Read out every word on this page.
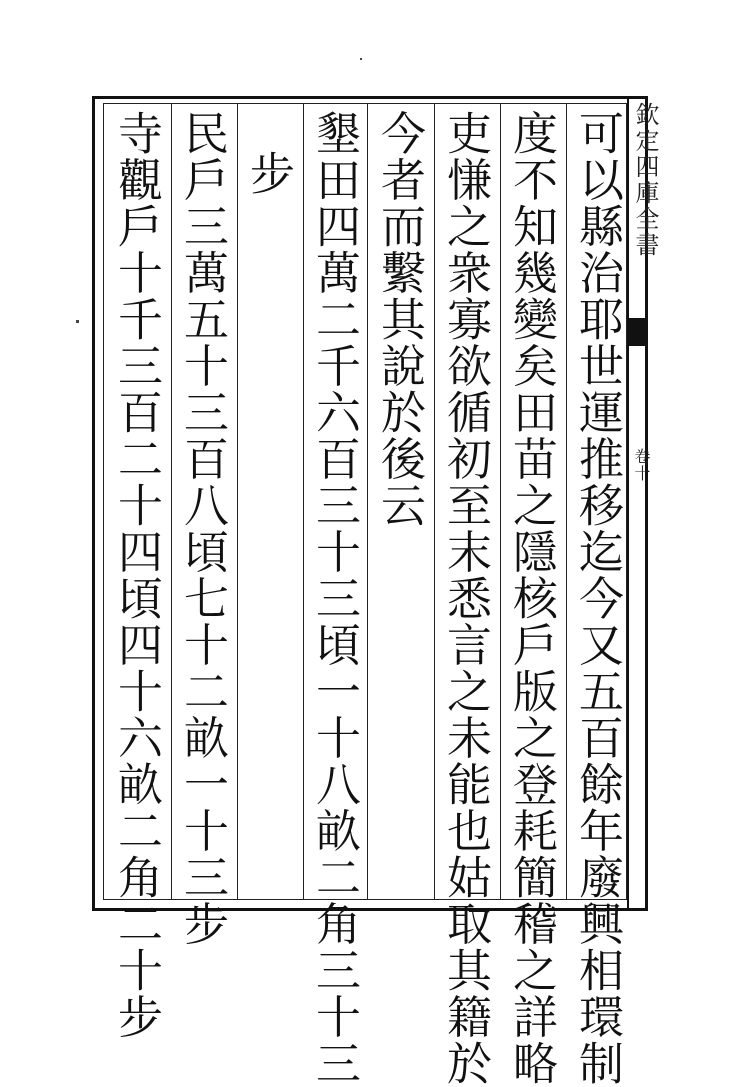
欽定四庫全書
卷十
可以縣治耶世運推移迄今又五百餘年廢興相環制
度不知幾變矣田苗之隱核戶版之登耗簡稽之詳略
吏慊之衆寡欲循初至末悉言之未能也姑取其籍於
今者而繫其說於後云
墾田四萬二千六百三十三頃一十八畝二角三十三
步
民戶三萬五十三百八頃七十二畝一十三步
寺觀戶十千三百二十四頃四十六畝二角二十步
